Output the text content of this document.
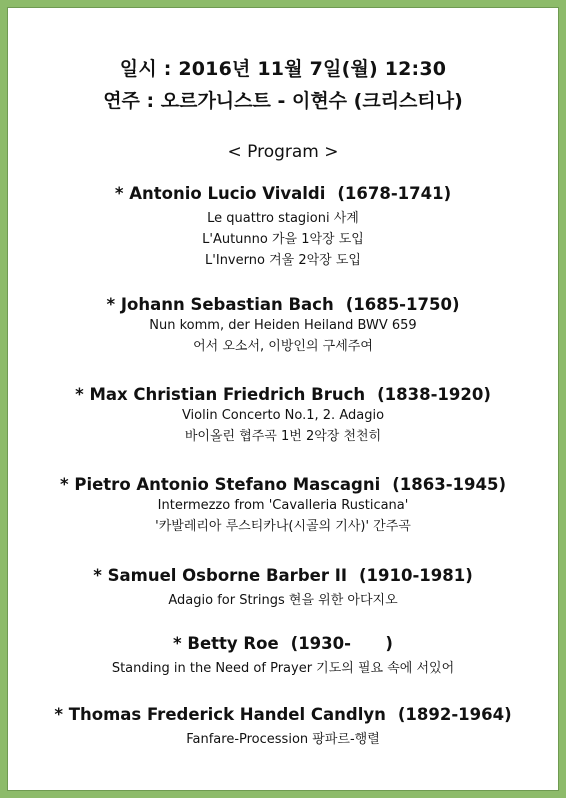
일시 : 2016년 11월 7일(월) 12:30
연주 : 오르가니스트 - 이현수 (크리스티나)
< Program >
* Antonio Lucio Vivaldi (1678-1741)
Le quattro stagioni 사계
L'Autunno 가을 1악장 도입
L'Inverno 겨울 2악장 도입
* Johann Sebastian Bach (1685-1750)
Nun komm, der Heiden Heiland BWV 659
어서 오소서, 이방인의 구세주여
* Max Christian Friedrich Bruch (1838-1920)
Violin Concerto No.1, 2. Adagio
바이올린 협주곡 1번 2악장 천천히
* Pietro Antonio Stefano Mascagni (1863-1945)
Intermezzo from 'Cavalleria Rusticana'
'카발레리아 루스티카나(시골의 기사)' 간주곡
* Samuel Osborne Barber II (1910-1981)
Adagio for Strings 현을 위한 아다지오
* Betty Roe (1930-      )
Standing in the Need of Prayer 기도의 필요 속에 서있어
* Thomas Frederick Handel Candlyn (1892-1964)
Fanfare-Procession 팡파르-행렬
